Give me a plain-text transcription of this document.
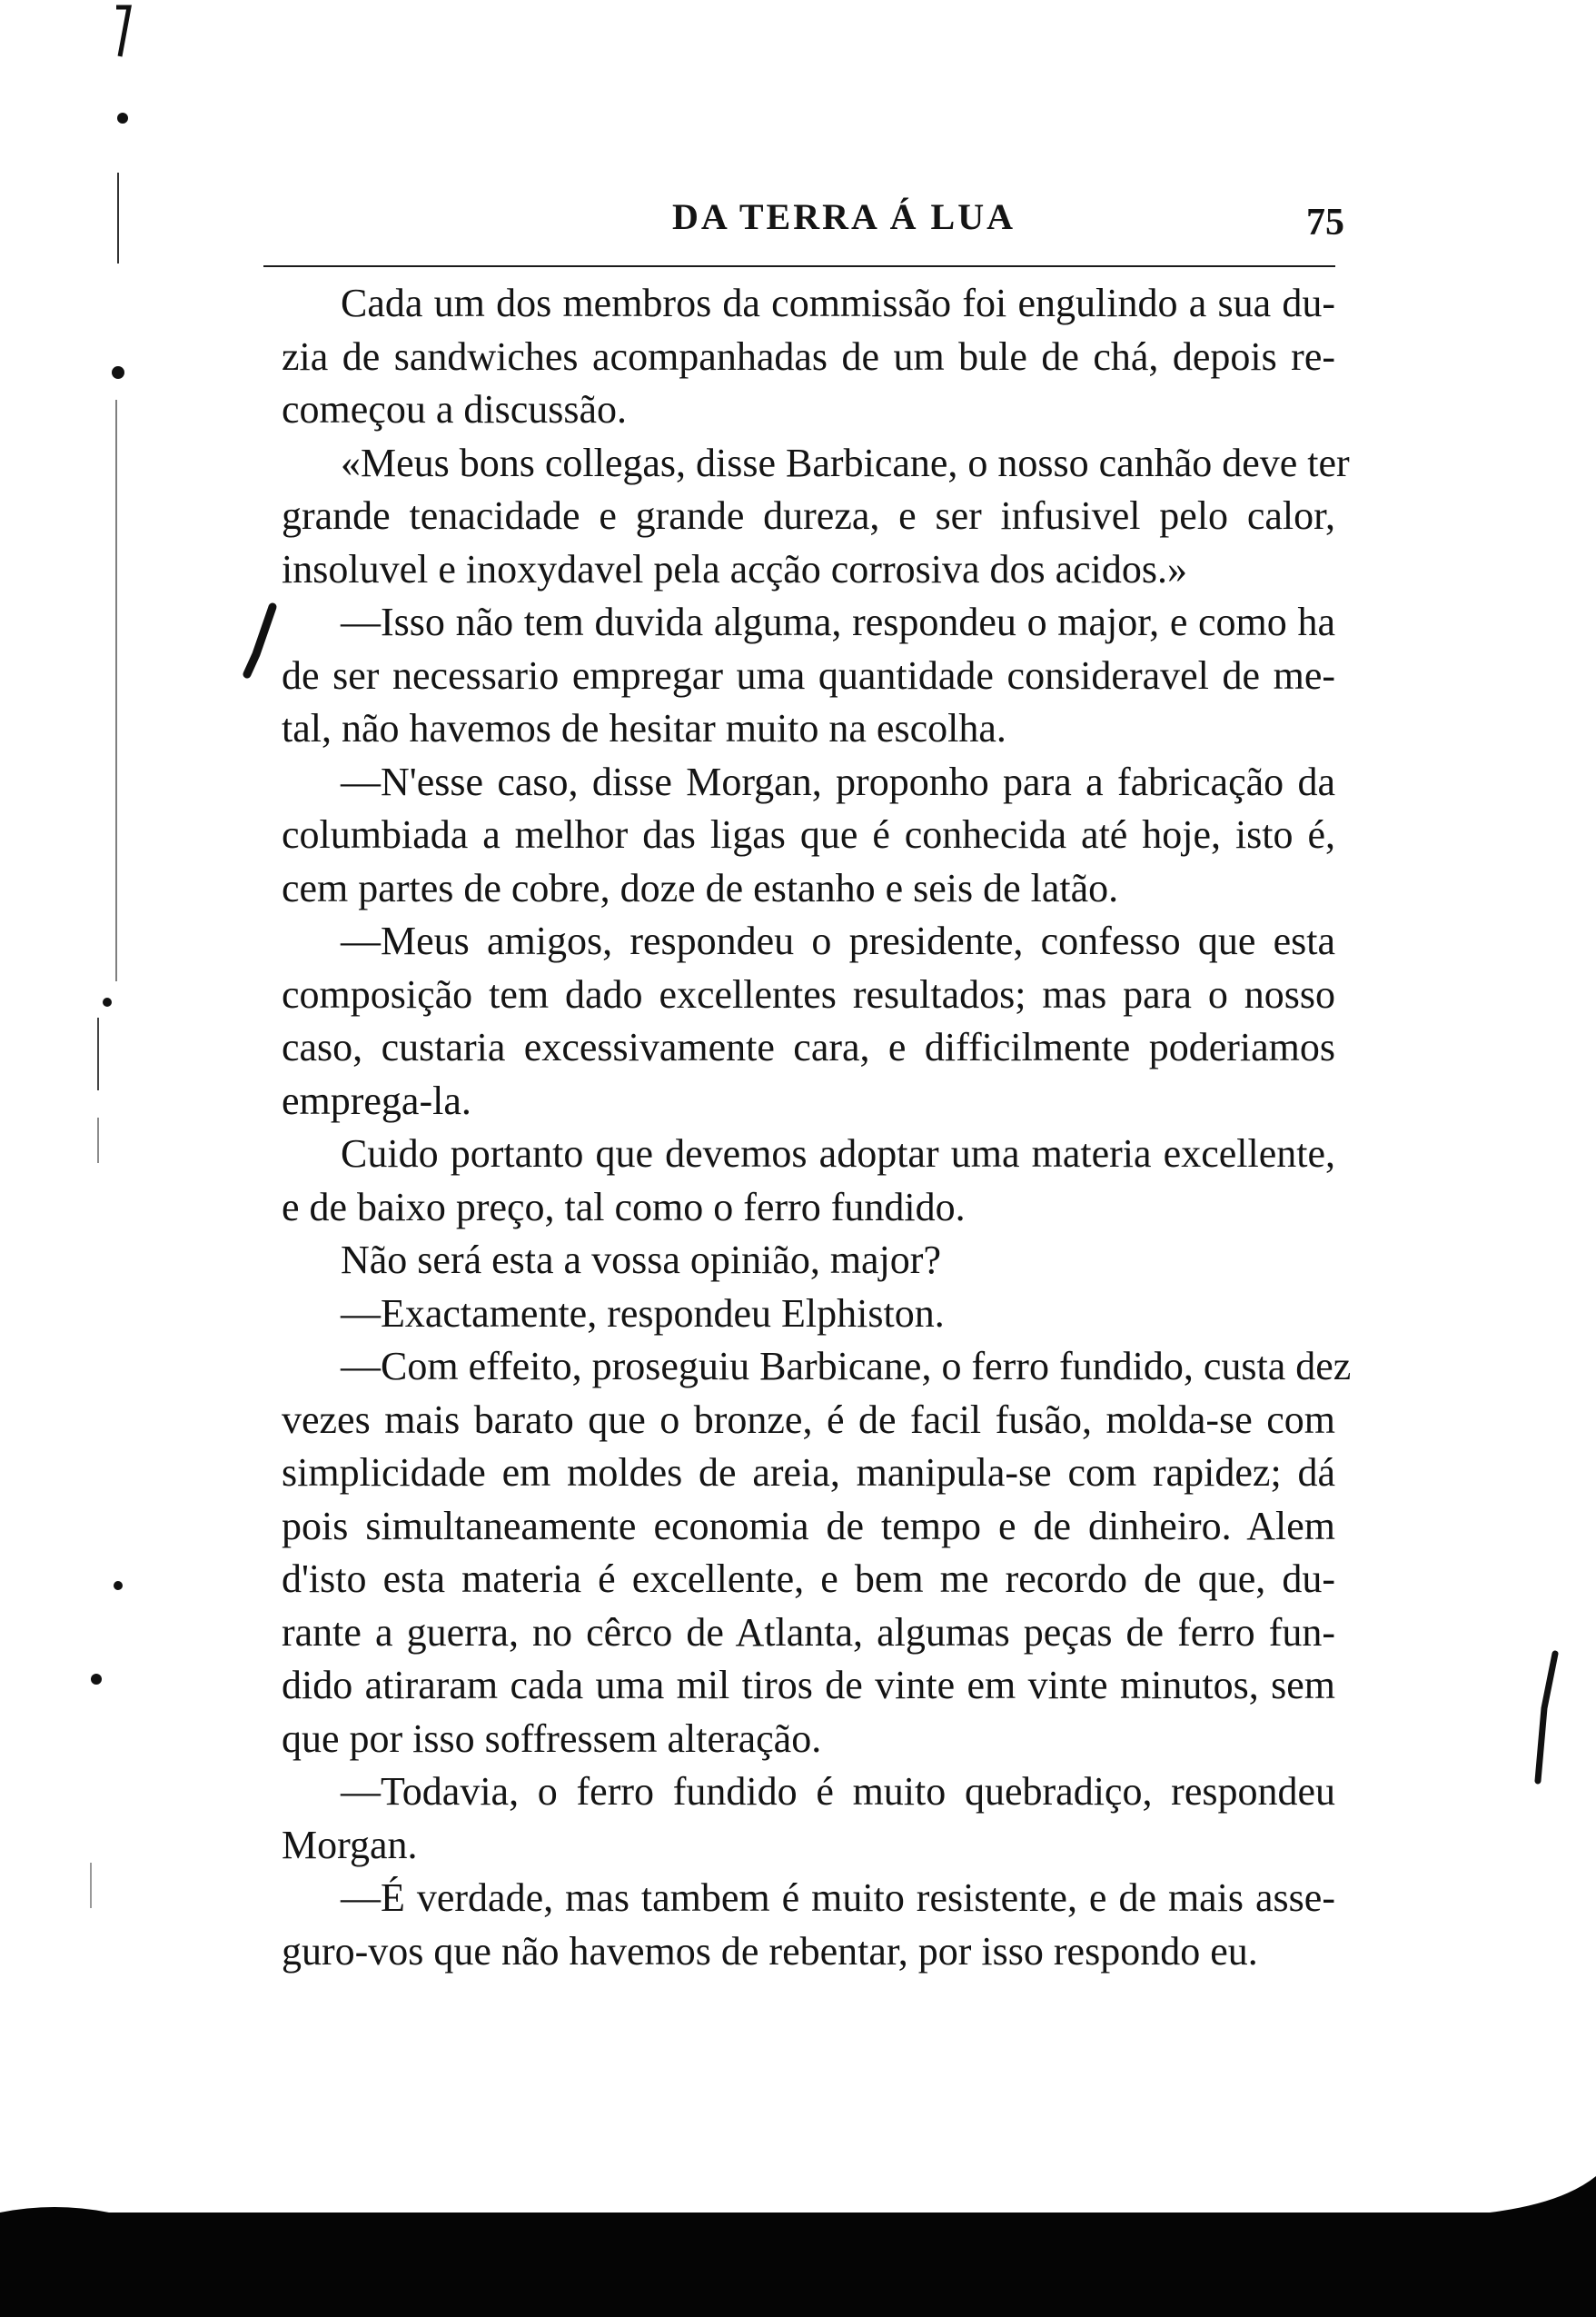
DA TERRA Á LUA	75
Cada um dos membros da commissão foi engulindo a sua du-
zia de sandwiches acompanhadas de um bule de chá, depois re-
começou a discussão.
«Meus bons collegas, disse Barbicane, o nosso canhão deve ter
grande tenacidade e grande dureza, e ser infusivel pelo calor,
insoluvel e inoxydavel pela acção corrosiva dos acidos.»
—Isso não tem duvida alguma, respondeu o major, e como ha
de ser necessario empregar uma quantidade consideravel de me-
tal, não havemos de hesitar muito na escolha.
—N'esse caso, disse Morgan, proponho para a fabricação da
columbiada a melhor das ligas que é conhecida até hoje, isto é,
cem partes de cobre, doze de estanho e seis de latão.
—Meus amigos, respondeu o presidente, confesso que esta
composição tem dado excellentes resultados; mas para o nosso
caso, custaria excessivamente cara, e difficilmente poderiamos
emprega-la.
Cuido portanto que devemos adoptar uma materia excellente,
e de baixo preço, tal como o ferro fundido.
Não será esta a vossa opinião, major?
—Exactamente, respondeu Elphiston.
—Com effeito, proseguiu Barbicane, o ferro fundido, custa dez
vezes mais barato que o bronze, é de facil fusão, molda-se com
simplicidade em moldes de areia, manipula-se com rapidez; dá
pois simultaneamente economia de tempo e de dinheiro. Alem
d'isto esta materia é excellente, e bem me recordo de que, du-
rante a guerra, no cêrco de Atlanta, algumas peças de ferro fun-
dido atiraram cada uma mil tiros de vinte em vinte minutos, sem
que por isso soffressem alteração.
—Todavia, o ferro fundido é muito quebradiço, respondeu
Morgan.
—É verdade, mas tambem é muito resistente, e de mais asse-
guro-vos que não havemos de rebentar, por isso respondo eu.
